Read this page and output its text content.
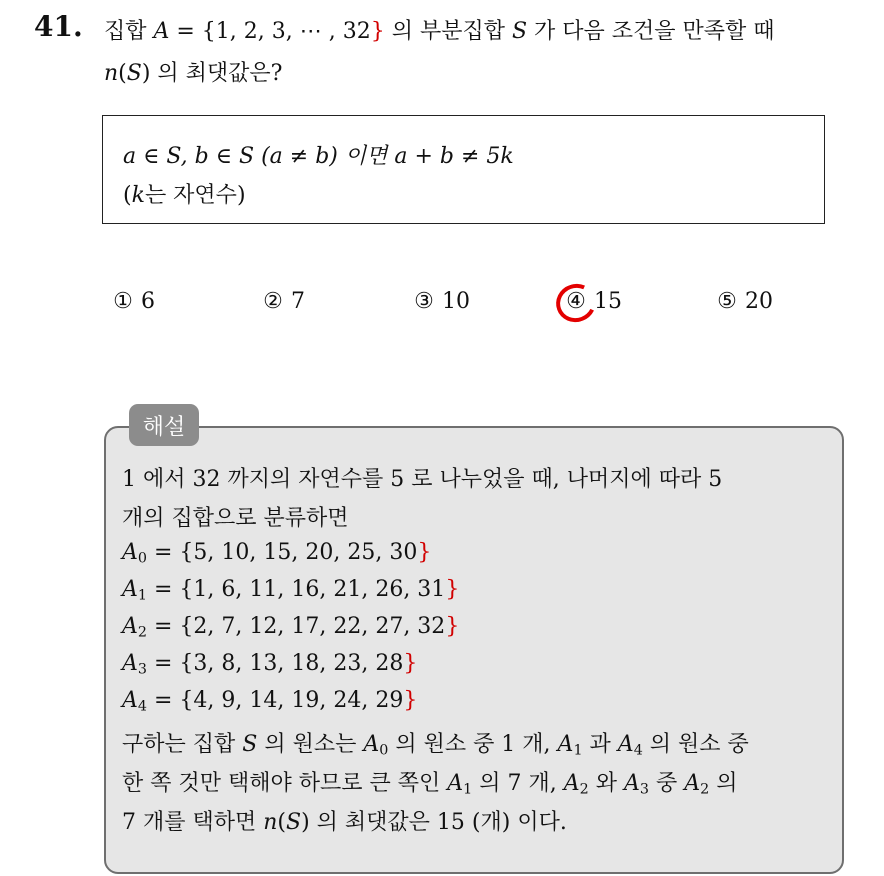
41. 집합 A = {1, 2, 3, ⋯ , 32} 의 부분집합 S 가 다음 조건을 만족할 때
n(S) 의 최댓값은?
a ∈ S, b ∈ S (a ≠ b) 이면 a + b ≠ 5k
(k는 자연수)
① 6	② 7	③ 10	④ 15	⑤ 20
해설
1 에서 32 까지의 자연수를 5 로 나누었을 때, 나머지에 따라 5
개의 집합으로 분류하면
$A_0 = \{5$, 10, 15, 20, 25, 30}
$A_1 = \{1$, 6, 11, 16, 21, 26, 31}
$A_2 = \{2$, 7, 12, 17, 22, 27, 32}
$A_3 = \{3$, 8, 13, 18, 23, 28}
$A_4 = \{4$, 9, 14, 19, 24, 29}
구하는 집합 S 의 원소는 $A_0$ 의 원소 중 1 개, $A_1$ 과 $A_4$ 의 원소 중
한 쪽 것만 택해야 하므로 큰 쪽인 $A_1$ 의 7 개, $A_2$ 와 $A_3$ 중 $A_2$ 의
7 개를 택하면 n(S) 의 최댓값은 15 (개) 이다.
